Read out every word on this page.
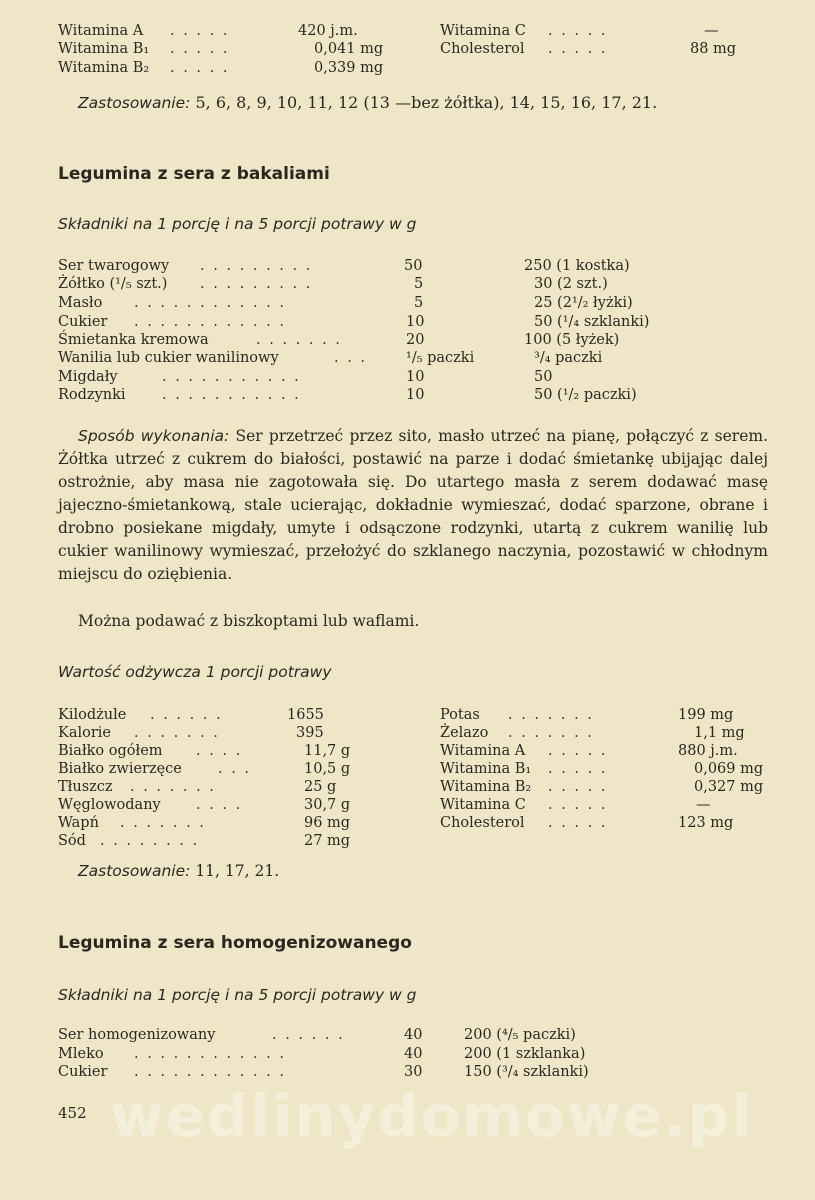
Witamina A . . . . .	420 j.m.
Witamina B₁ . . . . .	0,041 mg
Witamina B₂ . . . . .	0,339 mg
Witamina C . . . . .	—
Cholesterol . . . . .	88 mg
Zastosowanie: 5, 6, 8, 9, 10, 11, 12 (13 —bez żółtka), 14, 15, 16, 17, 21.
Legumina z sera z bakaliami
Składniki na 1 porcję i na 5 porcji potrawy w g
Ser twarogowy . . . . . . . . .	50	250 (1 kostka)
Żółtko (¹/₅ szt.) . . . . . . . . .	5	30 (2 szt.)
Masło . . . . . . . . . . . .	5	25 (2¹/₂ łyżki)
Cukier . . . . . . . . . . . .	10	50 (¹/₄ szklanki)
Śmietanka kremowa	. . . . . . .	20	100 (5 łyżek)
Wanilia lub cukier wanilinowy	. . .	¹/₅ paczki	³/₄ paczki
Migdały	. . . . . . . . . . .	10	50
Rodzynki	. . . . . . . . . . .	10	50 (¹/₂ paczki)
Sposób wykonania: Ser przetrzeć przez sito, masło utrzeć na pianę, połączyć z serem. Żółtka utrzeć z cukrem do białości, postawić na parze i dodać śmietankę ubijając dalej ostrożnie, aby masa nie zagotowała się. Do utartego masła z serem dodawać masę jajeczno-śmietankową, stale ucierając, dokładnie wymieszać, dodać sparzone, obrane i drobno posiekane migdały, umyte i odsączone rodzynki, utartą z cukrem wanilię lub cukier wanilinowy wymieszać, przełożyć do szklanego naczynia, pozostawić w chłodnym miejscu do oziębienia.
Można podawać z biszkoptami lub waflami.
Wartość odżywcza 1 porcji potrawy
Kilodżule . . . . . .	1655
Kalorie . . . . . . .	395
Białko ogółem . . . .	11,7 g
Białko zwierzęce . . .	10,5 g
Tłuszcz . . . . . . .	25 g
Węglowodany . . . .	30,7 g
Wapń . . . . . . .	96 mg
Sód . . . . . . . .	27 mg
Potas . . . . . . .	199 mg
Żelazo . . . . . . .	1,1 mg
Witamina A . . . . .	880 j.m.
Witamina B₁ . . . . .	0,069 mg
Witamina B₂ . . . . .	0,327 mg
Witamina C . . . . .	—
Cholesterol . . . . .	123 mg
Zastosowanie: 11, 17, 21.
Legumina z sera homogenizowanego
Składniki na 1 porcję i na 5 porcji potrawy w g
Ser homogenizowany	. . . . . .	40	200 (⁴/₅ paczki)
Mleko . . . . . . . . . . . .	40	200 (1 szklanka)
Cukier . . . . . . . . . . . .	30	150 (³/₄ szklanki)
wedlinydomowe.pl
452
